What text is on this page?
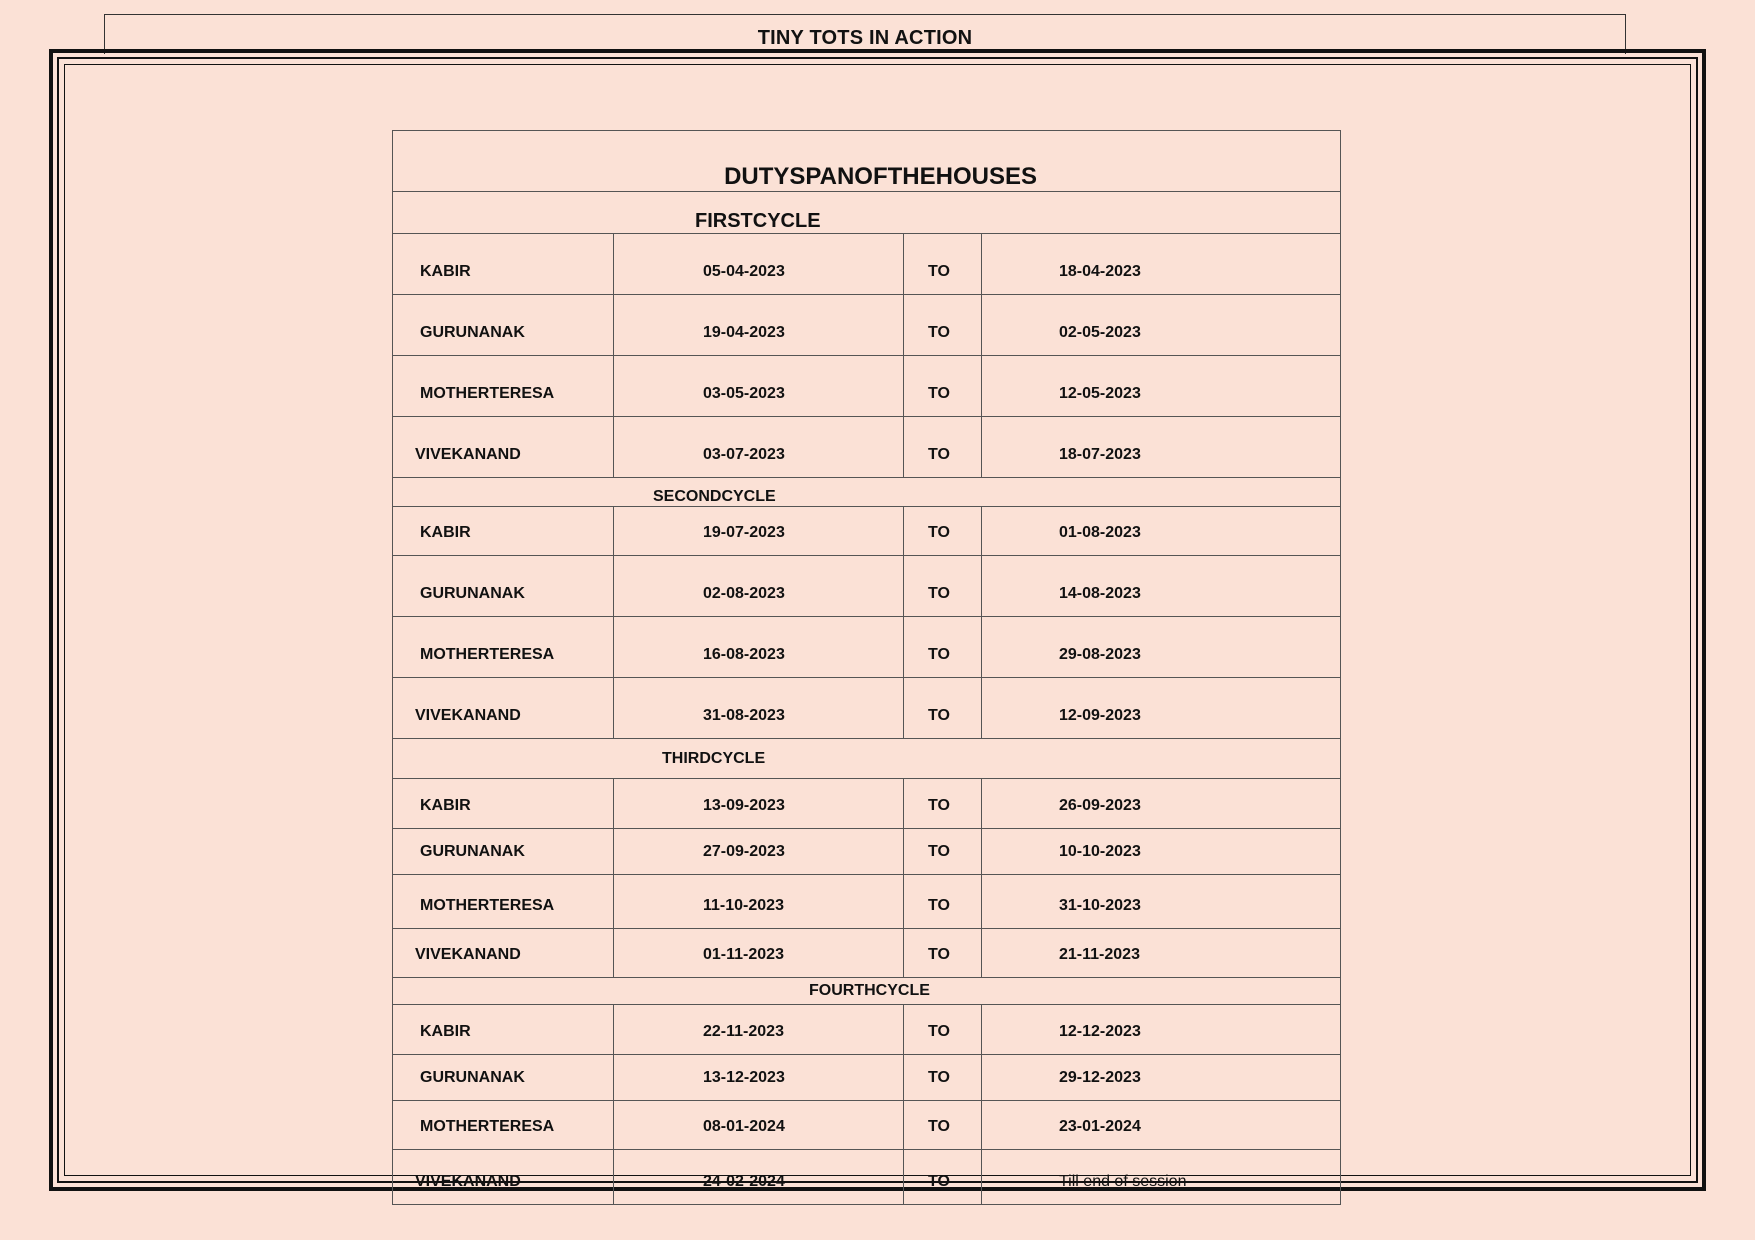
TINY TOTS IN ACTION
DUTYSPANOFTHEHOUSES			
FIRSTCYCLE			
KABIR	05-04-2023	TO	18-04-2023
GURUNANAK	19-04-2023	TO	02-05-2023
MOTHERTERESA	03-05-2023	TO	12-05-2023
VIVEKANAND	03-07-2023	TO	18-07-2023
SECONDCYCLE			
KABIR	19-07-2023	TO	01-08-2023
GURUNANAK	02-08-2023	TO	14-08-2023
MOTHERTERESA	16-08-2023	TO	29-08-2023
VIVEKANAND	31-08-2023	TO	12-09-2023
THIRDCYCLE			
KABIR	13-09-2023	TO	26-09-2023
GURUNANAK	27-09-2023	TO	10-10-2023
MOTHERTERESA	11-10-2023	TO	31-10-2023
VIVEKANAND	01-11-2023	TO	21-11-2023
FOURTHCYCLE			
KABIR	22-11-2023	TO	12-12-2023
GURUNANAK	13-12-2023	TO	29-12-2023
MOTHERTERESA	08-01-2024	TO	23-01-2024
VIVEKANAND	24-02-2024	TO	Till end of session
